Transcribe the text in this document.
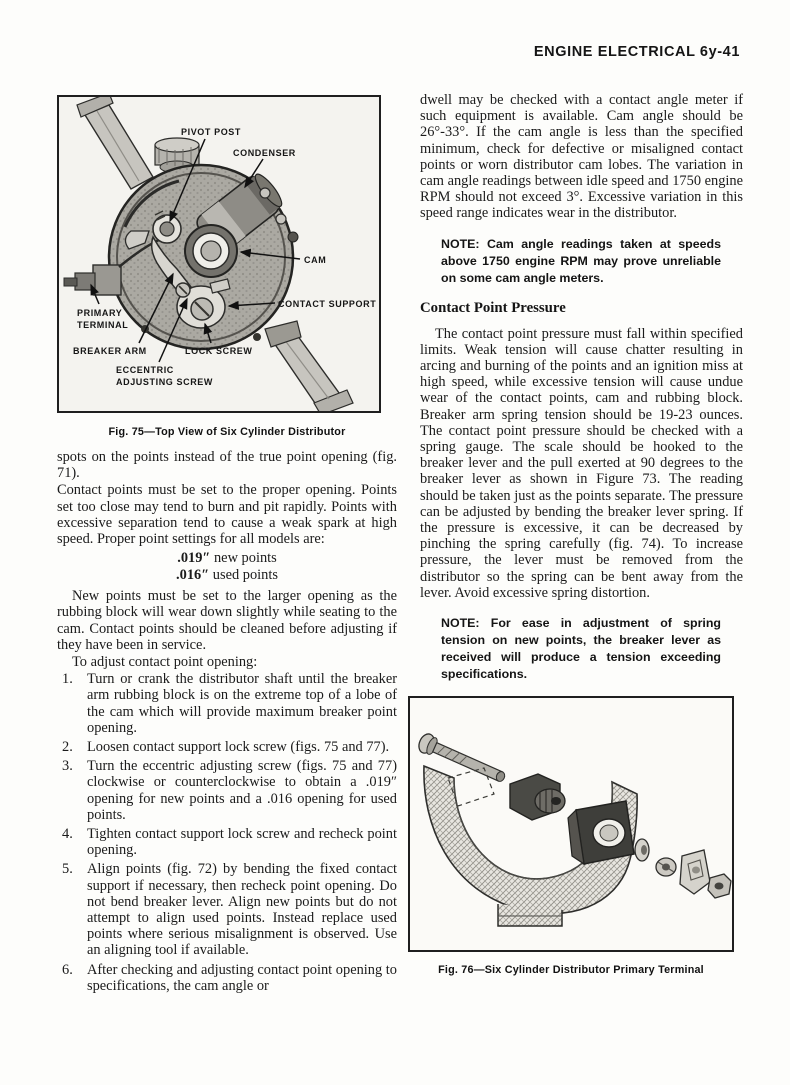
ENGINE ELECTRICAL 6y-41
PIVOT POST
CONDENSER
CAM
CONTACT SUPPORT
PRIMARY
TERMINAL
BREAKER ARM	LOCK SCREW
ECCENTRIC
ADJUSTING SCREW
Fig. 75—Top View of Six Cylinder Distributor

spots on the points instead of the true point opening (fig. 71).

Contact points must be set to the proper opening. Points set too close may tend to burn and pit rapidly. Points with excessive separation tend to cause a weak spark at high speed. Proper point settings for all models are:

.019″ new points
.016″ used points

New points must be set to the larger opening as the rubbing block will wear down slightly while seating to the cam. Contact points should be cleaned before adjusting if they have been in service.

To adjust contact point opening:

1. Turn or crank the distributor shaft until the breaker arm rubbing block is on the extreme top of a lobe of the cam which will provide maximum breaker point opening.

2. Loosen contact support lock screw (figs. 75 and 77).

3. Turn the eccentric adjusting screw (figs. 75 and 77) clockwise or counterclockwise to obtain a .019″ opening for new points and a .016 opening for used points.

4. Tighten contact support lock screw and recheck point opening.

5. Align points (fig. 72) by bending the fixed contact support if necessary, then recheck point opening. Do not bend breaker lever. Align new points but do not attempt to align used points. Instead replace used points where serious misalignment is observed. Use an aligning tool if available.

6. After checking and adjusting contact point opening to specifications, the cam angle or

dwell may be checked with a contact angle meter if such equipment is available. Cam angle should be 26°-33°. If the cam angle is less than the specified minimum, check for defective or misaligned contact points or worn distributor cam lobes. The variation in cam angle readings between idle speed and 1750 engine RPM should not exceed 3°. Excessive variation in this speed range indicates wear in the distributor.

NOTE: Cam angle readings taken at speeds above 1750 engine RPM may prove unreliable on some cam angle meters.
Contact Point Pressure

The contact point pressure must fall within specified limits. Weak tension will cause chatter resulting in arcing and burning of the points and an ignition miss at high speed, while excessive tension will cause undue wear of the contact points, cam and rubbing block. Breaker arm spring tension should be 19-23 ounces. The contact point pressure should be checked with a spring gauge. The scale should be hooked to the breaker lever and the pull exerted at 90 degrees to the breaker lever as shown in Figure 73. The reading should be taken just as the points separate. The pressure can be adjusted by bending the breaker lever spring. If the pressure is excessive, it can be decreased by pinching the spring carefully (fig. 74). To increase pressure, the lever must be removed from the distributor so the spring can be bent away from the lever. Avoid excessive spring distortion.

NOTE: For ease in adjustment of spring tension on new points, the breaker lever as received will produce a tension exceeding specifications.
Fig. 76—Six Cylinder Distributor Primary Terminal
